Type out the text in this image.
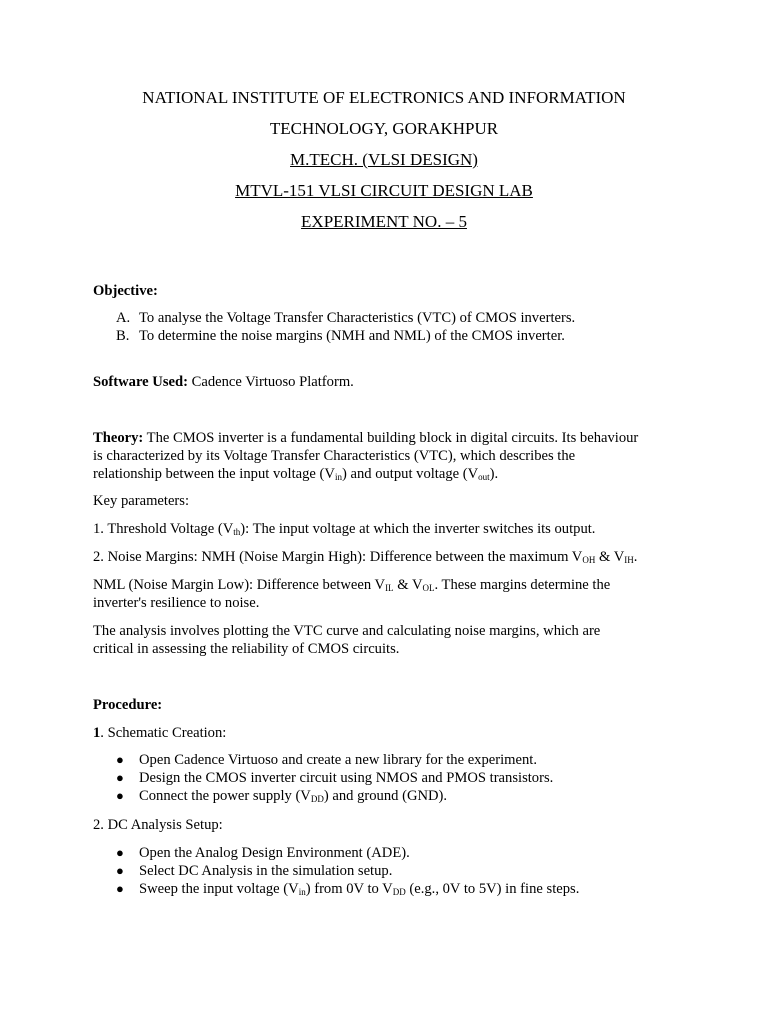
NATIONAL INSTITUTE OF ELECTRONICS AND INFORMATION

TECHNOLOGY, GORAKHPUR

M.TECH. (VLSI DESIGN)

MTVL-151 VLSI CIRCUIT DESIGN LAB

EXPERIMENT NO. – 5

Objective:

A. To analyse the Voltage Transfer Characteristics (VTC) of CMOS inverters.

B. To determine the noise margins (NMH and NML) of the CMOS inverter.

Software Used: Cadence Virtuoso Platform.

Theory: The CMOS inverter is a fundamental building block in digital circuits. Its behaviour

is characterized by its Voltage Transfer Characteristics (VTC), which describes the

relationship between the input voltage $(V_{in})$ and output voltage $(V_{out})$.

Key parameters:

1. Threshold Voltage $(V_{th})$: The input voltage at which the inverter switches its output.

2. Noise Margins: NMH (Noise Margin High): Difference between the maximum $V_{OH}$ & $V_{IH}$.

NML (Noise Margin Low): Difference between $V_{IL}$ & $V_{OL}$. These margins determine the

inverter's resilience to noise.

The analysis involves plotting the VTC curve and calculating noise margins, which are

critical in assessing the reliability of CMOS circuits.

Procedure:

1. Schematic Creation:

● Open Cadence Virtuoso and create a new library for the experiment.

● Design the CMOS inverter circuit using NMOS and PMOS transistors.

● Connect the power supply $(V_{DD})$ and ground (GND).

2. DC Analysis Setup:

● Open the Analog Design Environment (ADE).

● Select DC Analysis in the simulation setup.

● Sweep the input voltage $(V_{in})$ from 0V to $V_{DD}$ (e.g., 0V to 5V) in fine steps.
